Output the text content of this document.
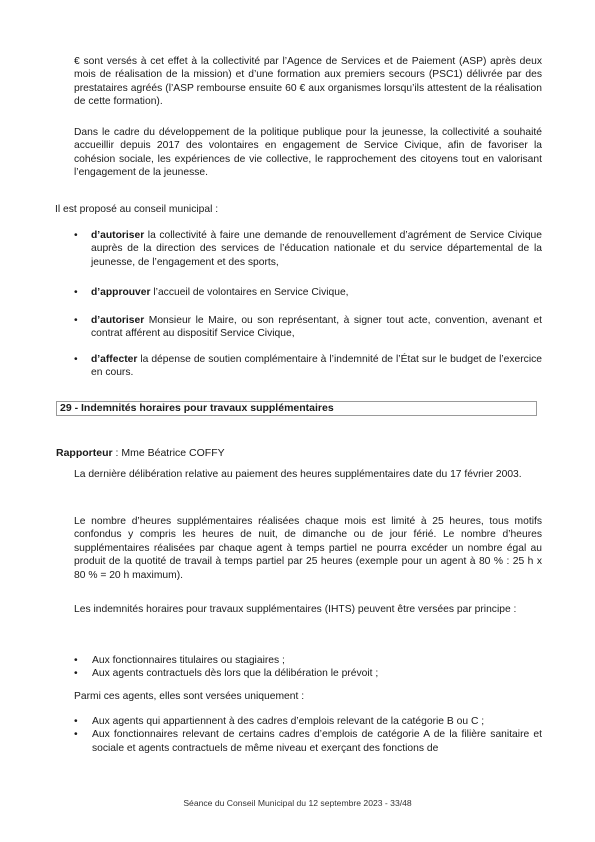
€ sont versés à cet effet à la collectivité par l’Agence de Services et de Paiement (ASP) après deux mois de réalisation de la mission) et d’une formation aux premiers secours (PSC1) délivrée par des prestataires agréés (l’ASP rembourse ensuite 60 € aux organismes lorsqu’ils attestent de la réalisation de cette formation).

Dans le cadre du développement de la politique publique pour la jeunesse, la collectivité a souhaité accueillir depuis 2017 des volontaires en engagement de Service Civique, afin de favoriser la cohésion sociale, les expériences de vie collective, le rapprochement des citoyens tout en valorisant l’engagement de la jeunesse.

Il est proposé au conseil municipal :

• d’autoriser la collectivité à faire une demande de renouvellement d’agrément de Service Civique auprès de la direction des services de l’éducation nationale et du service départemental de la jeunesse, de l’engagement et des sports,
• d’approuver l’accueil de volontaires en Service Civique,
• d’autoriser Monsieur le Maire, ou son représentant, à signer tout acte, convention, avenant et contrat afférent au dispositif Service Civique,
• d’affecter la dépense de soutien complémentaire à l’indemnité de l’État sur le budget de l’exercice en cours.
29 - Indemnités horaires pour travaux supplémentaires
Rapporteur : Mme Béatrice COFFY

La dernière délibération relative au paiement des heures supplémentaires date du 17 février 2003.

Le nombre d’heures supplémentaires réalisées chaque mois est limité à 25 heures, tous motifs confondus y compris les heures de nuit, de dimanche ou de jour férié. Le nombre d’heures supplémentaires réalisées par chaque agent à temps partiel ne pourra excéder un nombre égal au produit de la quotité de travail à temps partiel par 25 heures (exemple pour un agent à 80 % : 25 h x 80 % = 20 h maximum).

Les indemnités horaires pour travaux supplémentaires (IHTS) peuvent être versées par principe :

• Aux fonctionnaires titulaires ou stagiaires ;
• Aux agents contractuels dès lors que la délibération le prévoit ;

Parmi ces agents, elles sont versées uniquement :

• Aux agents qui appartiennent à des cadres d’emplois relevant de la catégorie B ou C ;
• Aux fonctionnaires relevant de certains cadres d’emplois de catégorie A de la filière sanitaire et sociale et agents contractuels de même niveau et exerçant des fonctions de
Séance du Conseil Municipal du 12 septembre 2023 - 33/48
